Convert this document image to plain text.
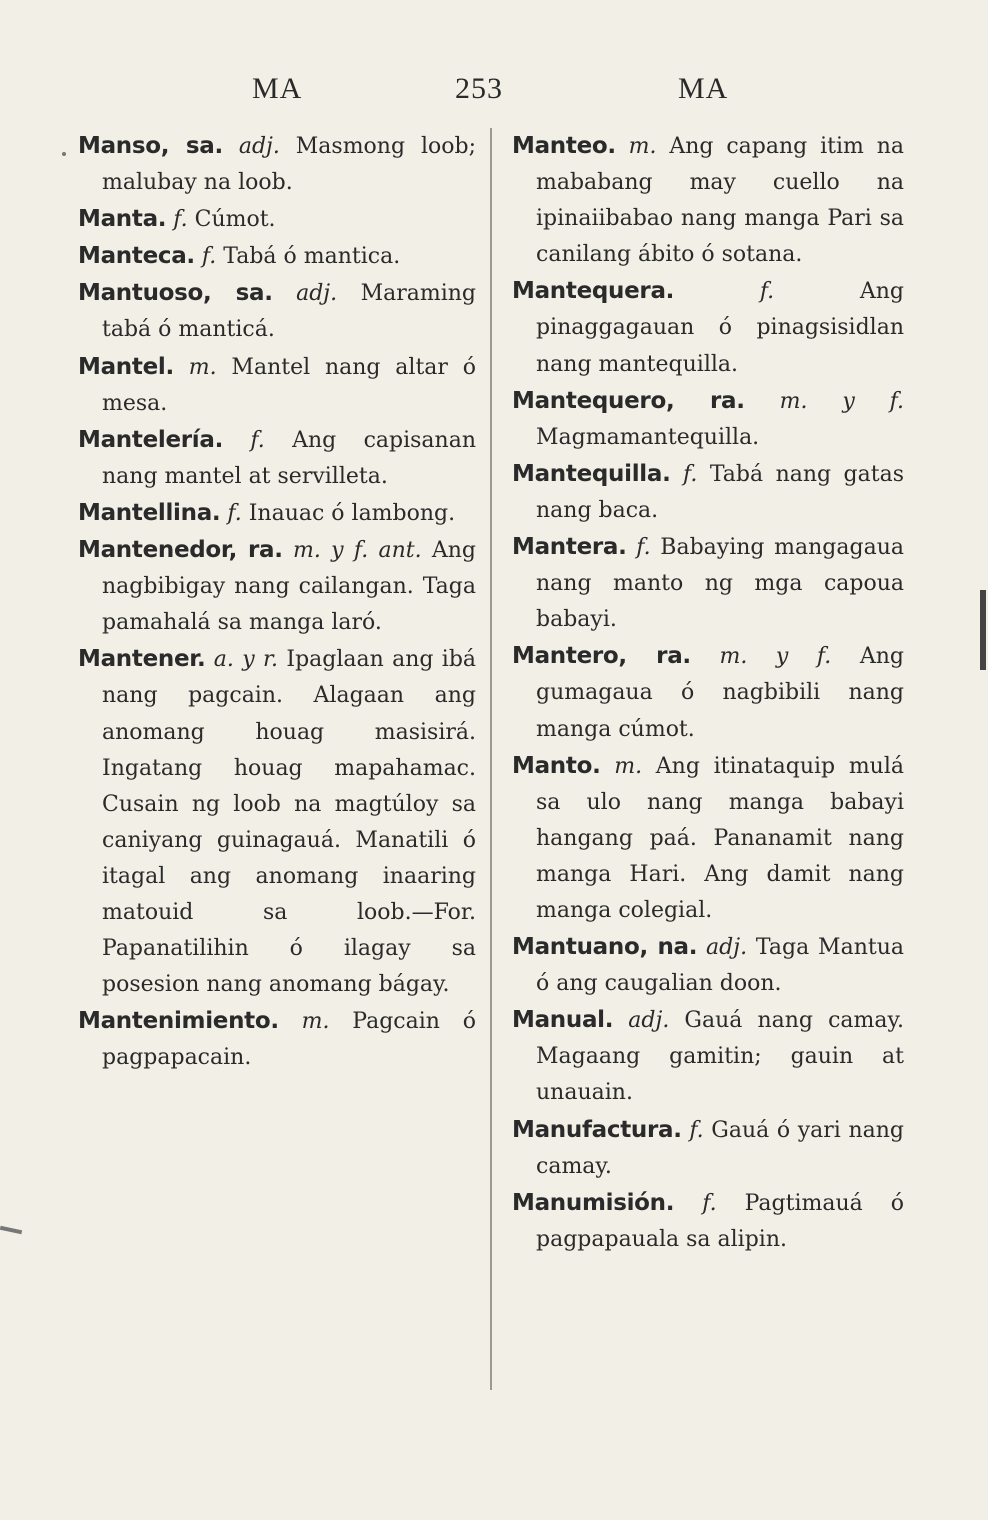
MA	253	MA

Manso, sa. adj. Masmong loob; malubay na loob.

Manta. f. Cúmot.

Manteca. f. Tabá ó mantica.

Mantuoso, sa. adj. Maraming tabá ó manticá.

Mantel. m. Mantel nang altar ó mesa.

Mantelería. f. Ang capisanan nang mantel at servilleta.

Mantellina. f. Inauac ó lambong.

Mantenedor, ra. m. y f. ant. Ang nagbibigay nang cailangan. Taga pamahalá sa manga laró.

Mantener. a. y r. Ipaglaan ang ibá nang pagcain. Alagaan ang anomang houag masisirá. Ingatang houag mapahamac. Cusain ng loob na magtúloy sa caniyang guinagauá. Manatili ó itagal ang anomang inaaring matouid sa loob.—For. Papanatilihin ó ilagay sa posesion nang anomang bágay.

Mantenimiento. m. Pagcain ó pagpapacain.

Manteo. m. Ang capang itim na mababang may cuello na ipinaiibabao nang manga Pari sa canilang ábito ó sotana.

Mantequera.	f.	Ang pinaggagauan ó pinagsisidlan nang mantequilla.

Mantequero, ra. m. y f. Magmamantequilla.

Mantequilla. f. Tabá nang gatas nang baca.

Mantera. f. Babaying mangagaua nang manto ng mga capoua babayi.

Mantero, ra. m. y f. Ang gumagaua ó nagbibili nang manga cúmot.

Manto. m. Ang itinataquip mulá sa ulo nang manga babayi hangang paá. Pananamit nang manga Hari. Ang damit nang manga colegial.

Mantuano, na. adj. Taga Mantua ó ang caugalian doon.

Manual. adj. Gauá nang camay. Magaang gamitin; gauin at unauain.

Manufactura. f. Gauá ó yari nang camay.

Manumisión. f. Pagtimauá ó pagpapauala sa alipin.
